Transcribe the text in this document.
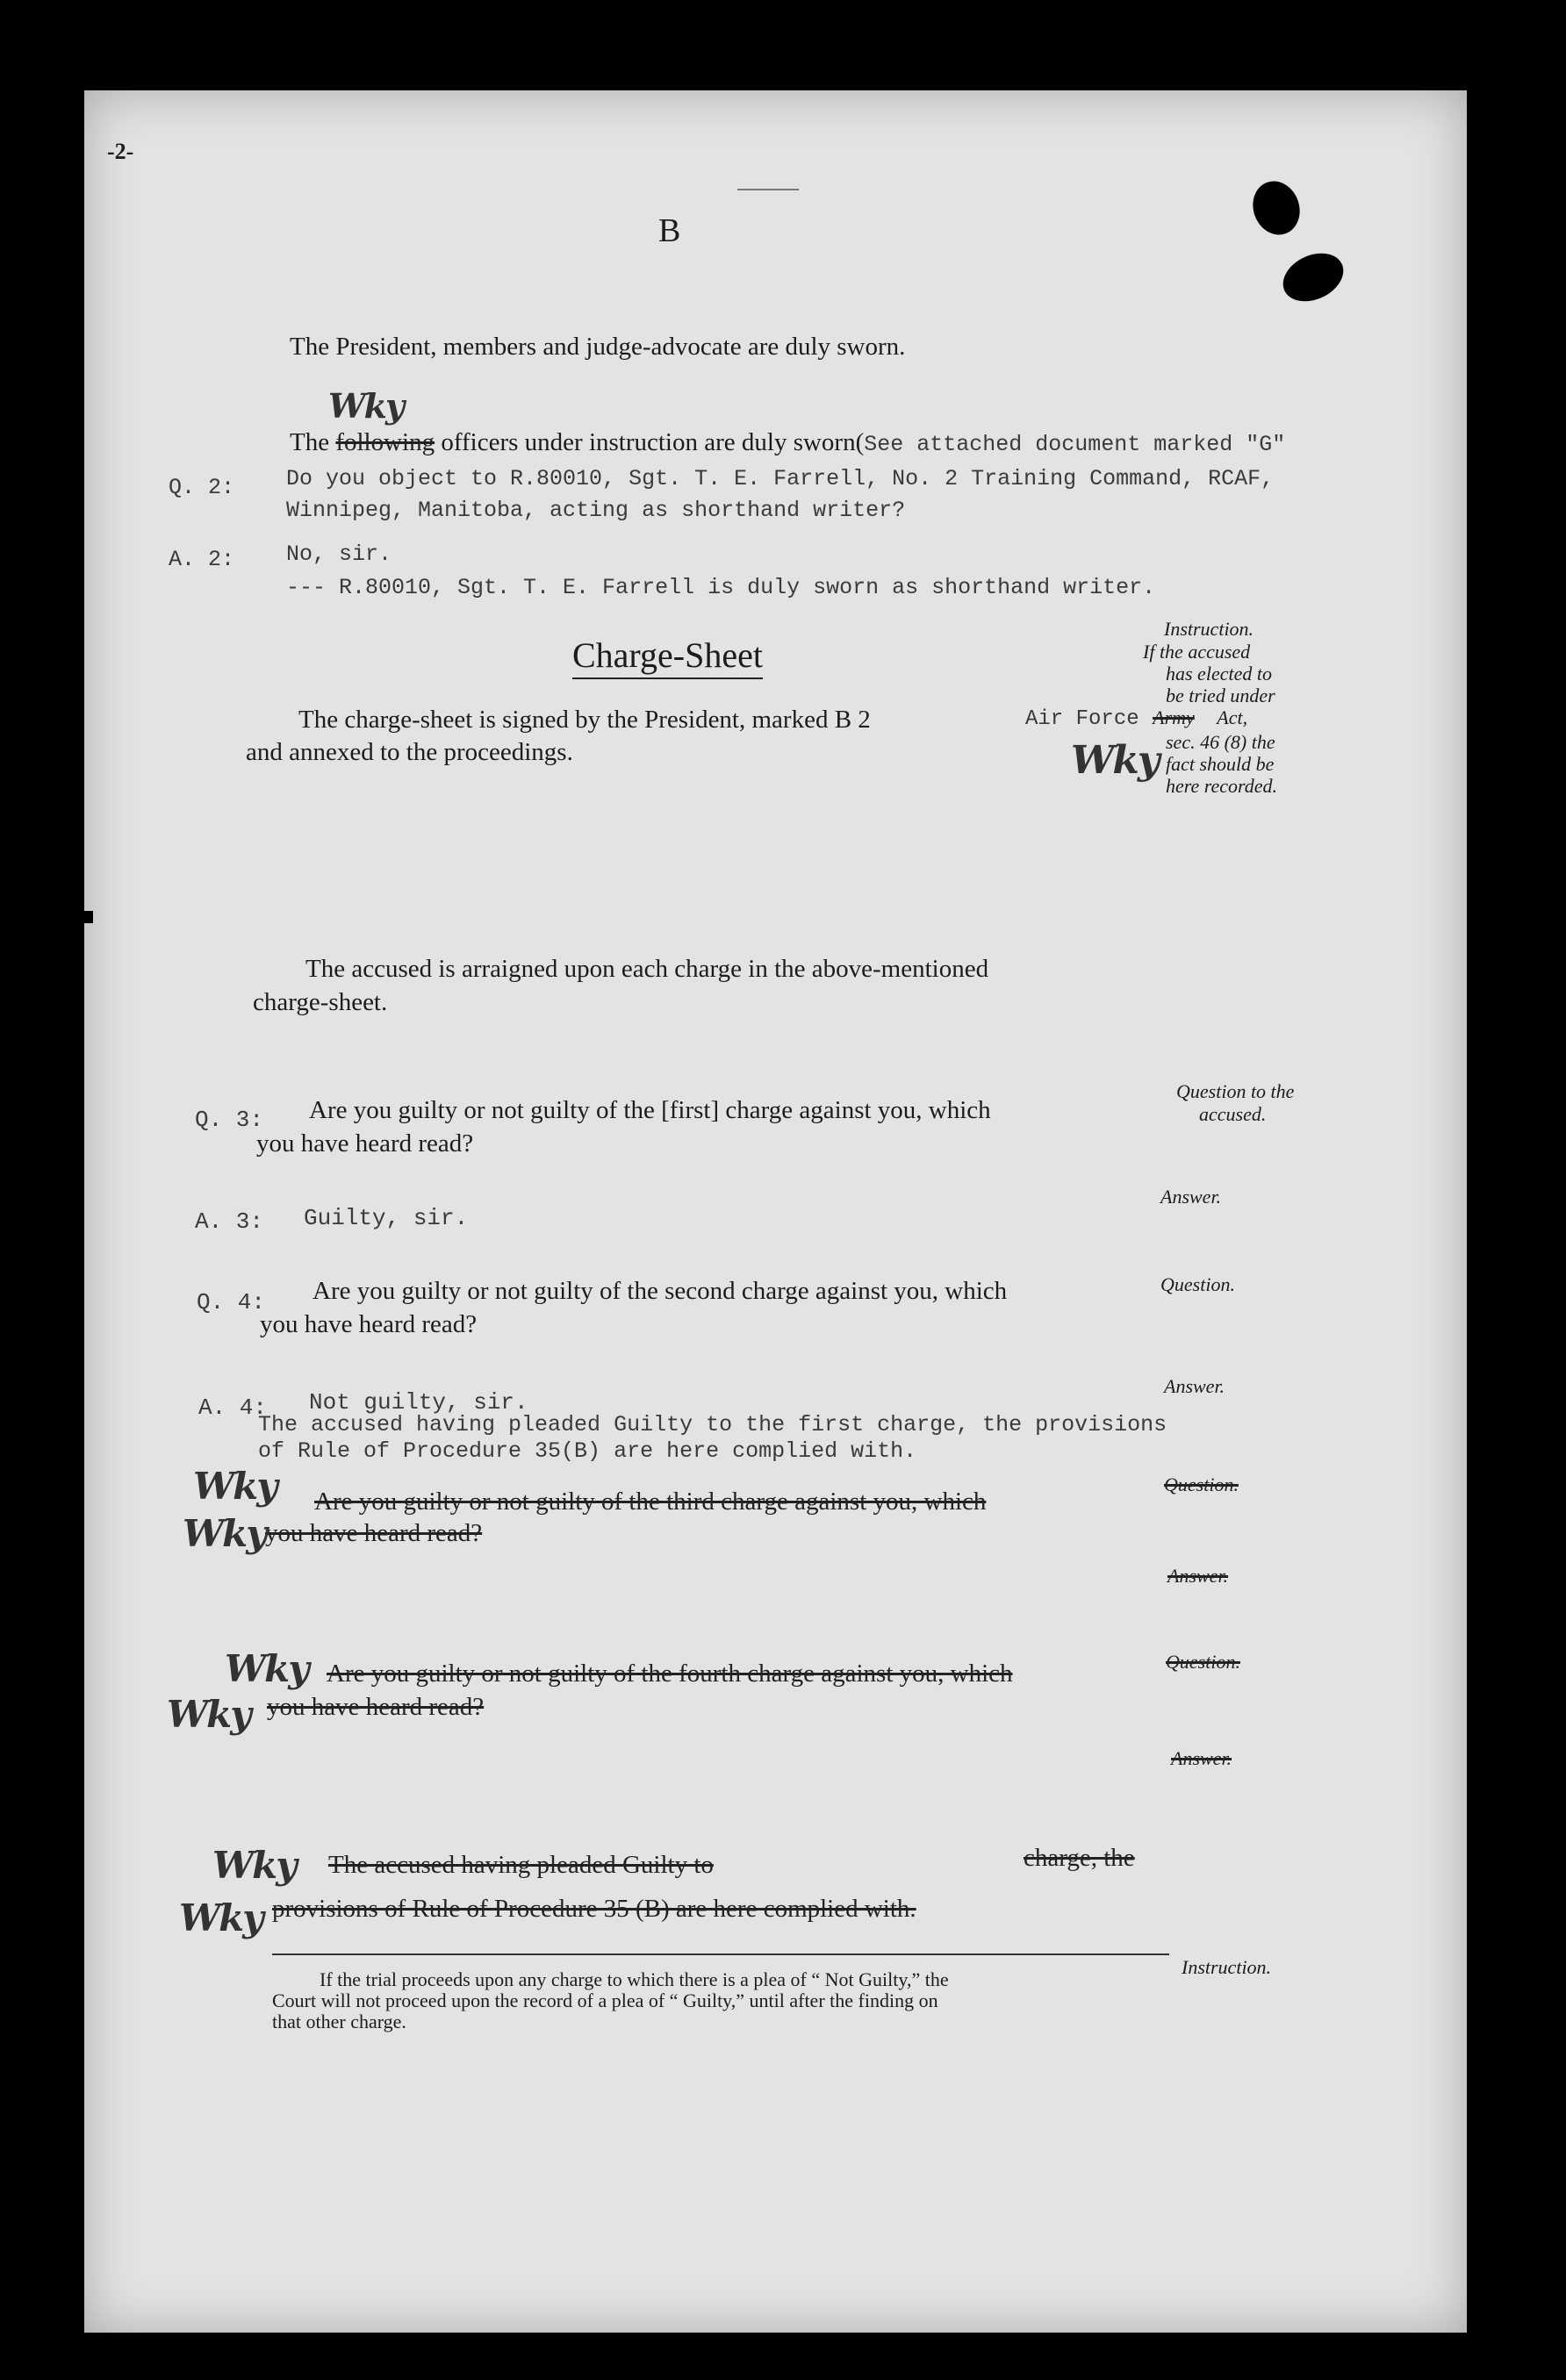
-2-
B
The President, members and judge-advocate are duly sworn.
The following officers under instruction are duly sworn(See attached document marked "G"
Wky
Q. 2: Do you object to R.80010, Sgt. T. E. Farrell, No. 2 Training Command, RCAF,
Winnipeg, Manitoba, acting as shorthand writer?
A. 2: No, sir.
--- R.80010, Sgt. T. E. Farrell is duly sworn as shorthand writer.
Charge-Sheet
The charge-sheet is signed by the President, marked B 2
and annexed to the proceedings.
Instruction.
If the accused
has elected to
be tried under
Air Force Army Act,
sec. 46 (8) the
fact should be
here recorded.
Wky
The accused is arraigned upon each charge in the above-mentioned
charge-sheet.
Q. 3: Are you guilty or not guilty of the [first] charge against you, which
you have heard read?
Question to the
accused.
A. 3: Guilty, sir.
Answer.
Q. 4: Are you guilty or not guilty of the second charge against you, which
you have heard read?
Question.
A. 4: Not guilty, sir.
The accused having pleaded Guilty to the first charge, the provisions
of Rule of Procedure 35(B) are here complied with.
Answer.
Are you guilty or not guilty of the third charge against you, which
you have heard read?
Question.
Answer.
Wky
Wky
Are you guilty or not guilty of the fourth charge against you, which
you have heard read?
Question.
Answer.
Wky
Wky
The accused having pleaded Guilty to	charge, the
provisions of Rule of Procedure 35 (B) are here complied with.
Wky
Wky
If the trial proceeds upon any charge to which there is a plea of “ Not Guilty,” the
Court will not proceed upon the record of a plea of “ Guilty,” until after the finding on
that other charge.
Instruction.
